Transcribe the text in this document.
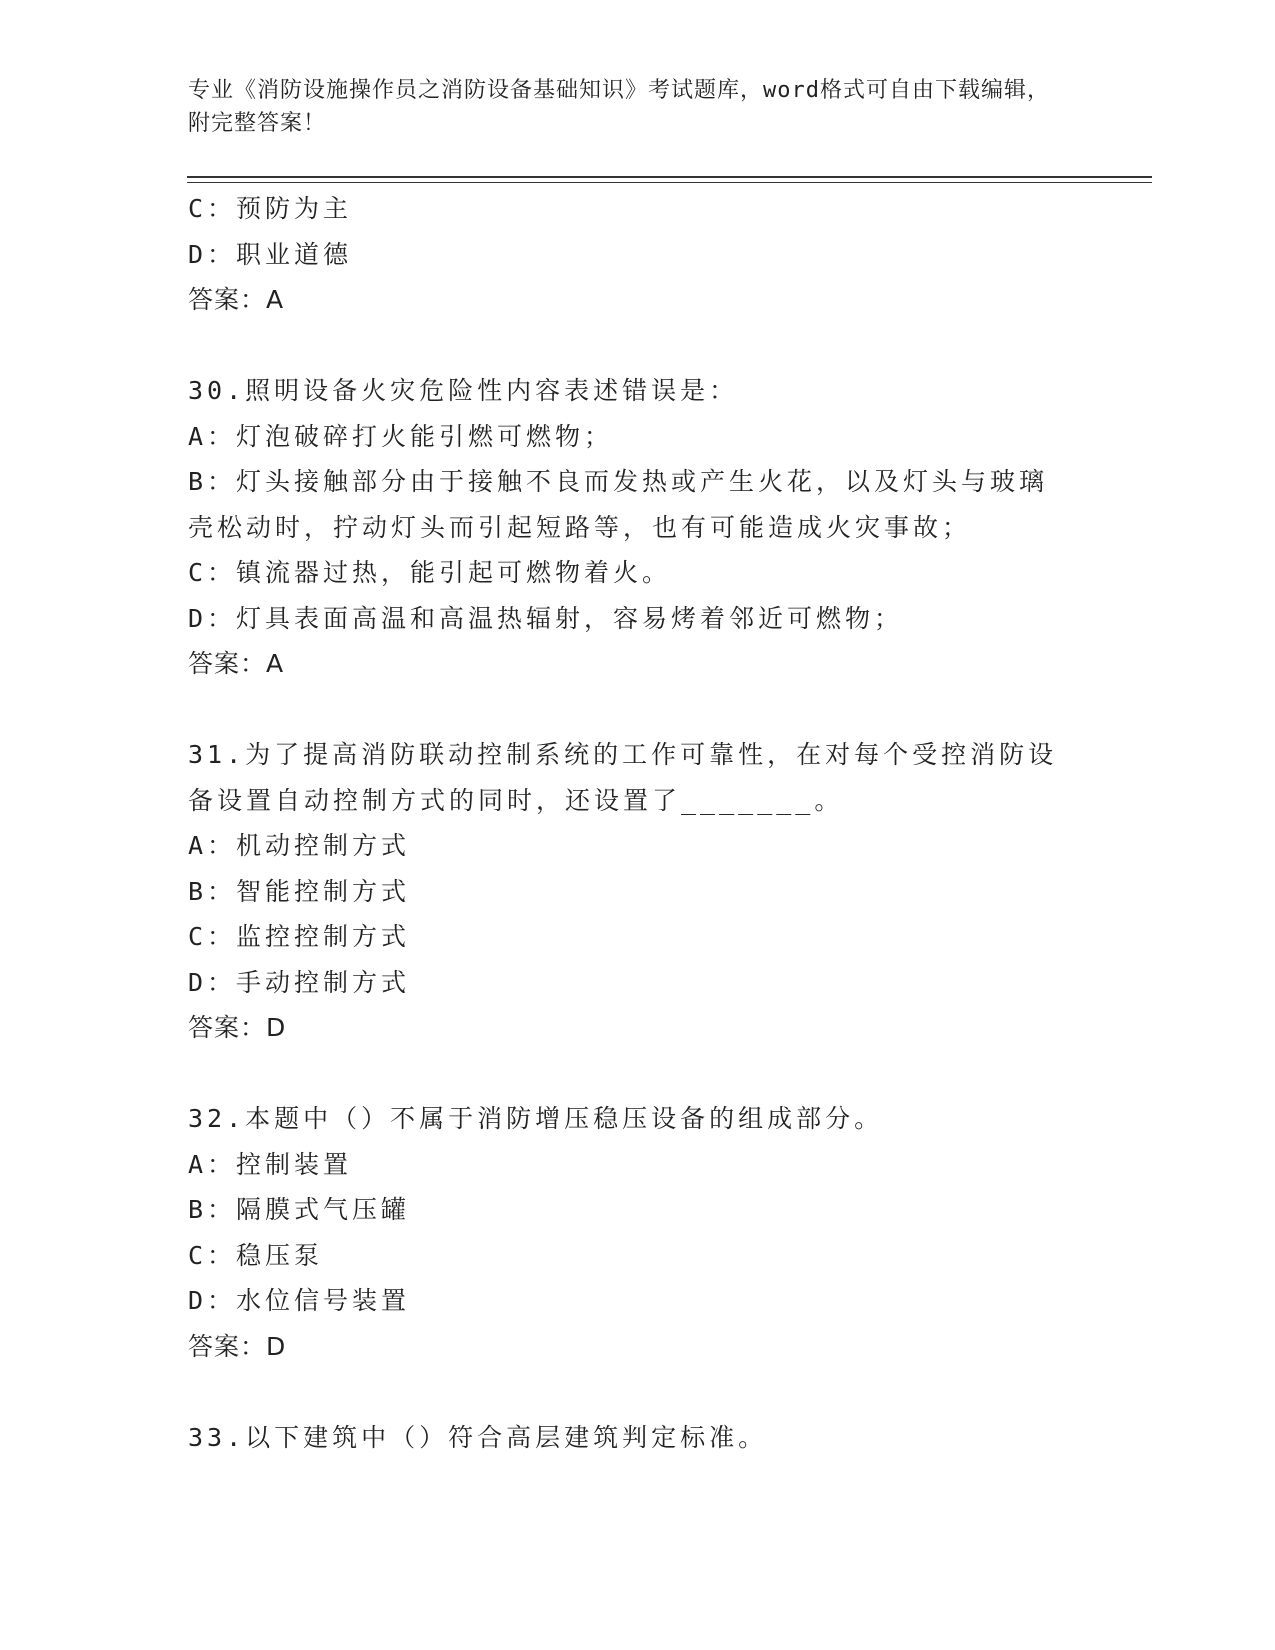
专业《消防设施操作员之消防设备基础知识》考试题库，word格式可自由下载编辑，附完整答案！
C：预防为主
D：职业道德
答案：A
30.照明设备火灾危险性内容表述错误是：
A：灯泡破碎打火能引燃可燃物；
B：灯头接触部分由于接触不良而发热或产生火花，以及灯头与玻璃壳松动时，拧动灯头而引起短路等，也有可能造成火灾事故；
C：镇流器过热，能引起可燃物着火。
D：灯具表面高温和高温热辐射，容易烤着邻近可燃物；
答案：A
31.为了提高消防联动控制系统的工作可靠性，在对每个受控消防设备设置自动控制方式的同时，还设置了_______。
A：机动控制方式
B：智能控制方式
C：监控控制方式
D：手动控制方式
答案：D
32.本题中（）不属于消防增压稳压设备的组成部分。
A：控制装置
B：隔膜式气压罐
C：稳压泵
D：水位信号装置
答案：D
33.以下建筑中（）符合高层建筑判定标准。
